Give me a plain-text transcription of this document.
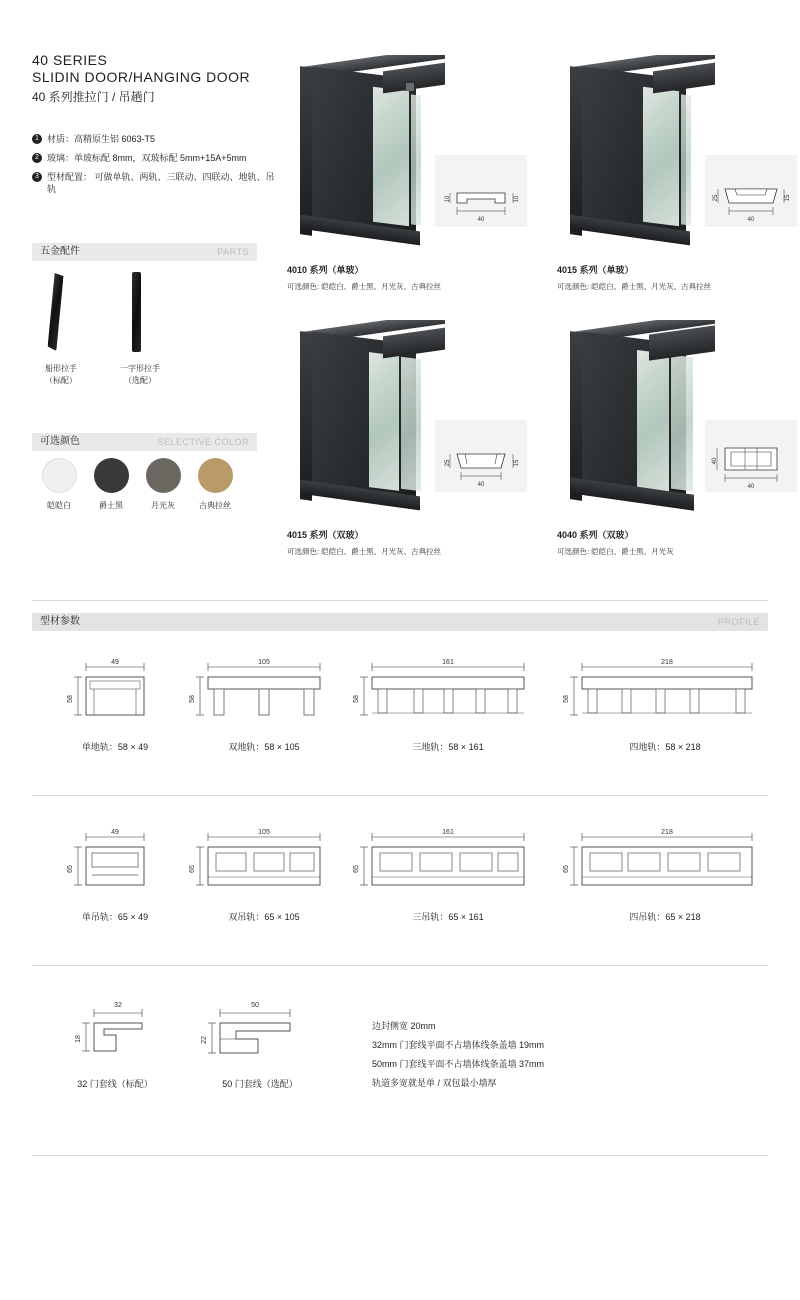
40 SERIES
SLIDIN DOOR/HANGING DOOR
40 系列推拉门 / 吊趟门
1 材质：高精原生铝 6063-T5
2 玻璃：单玻标配 8mm，双玻标配 5mm+15A+5mm
3 型材配置： 可做单轨、两轨、三联动、四联动、地轨、吊轨
PARTS
五金配件
船形拉手
（标配）
一字形拉手
（选配）
SELECTIVE COLOR
可选颜色
皑皑白	爵士黑	月光灰	古典拉丝
40
10	10
4010 系列（单玻）
可选颜色: 皑皑白、爵士黑、月光灰、古典拉丝
40
25	15
4015 系列（单玻）
可选颜色: 皑皑白、爵士黑、月光灰、古典拉丝
40
25	15
4015 系列（双玻）
可选颜色: 皑皑白、爵士黑、月光灰、古典拉丝
40
40
4040 系列（双玻）
可选颜色: 皑皑白、爵士黑、月光灰
PROFILE
型材参数
49
58
单地轨：58 × 49
105
58
双地轨：58 × 105
161
58
三地轨：58 × 161
218
58
四地轨：58 × 218
49
65
单吊轨：65 × 49
105
65
双吊轨：65 × 105
161
65
三吊轨：65 × 161
218
65
四吊轨：65 × 218
32
18
32 门套线（标配）
50
22
50 门套线（选配）
边封侧宽 20mm
32mm 门套线平面不占墙体线条盖墙 19mm
50mm 门套线平面不占墙体线条盖墙 37mm
轨道多宽就是单 / 双包最小墙厚
